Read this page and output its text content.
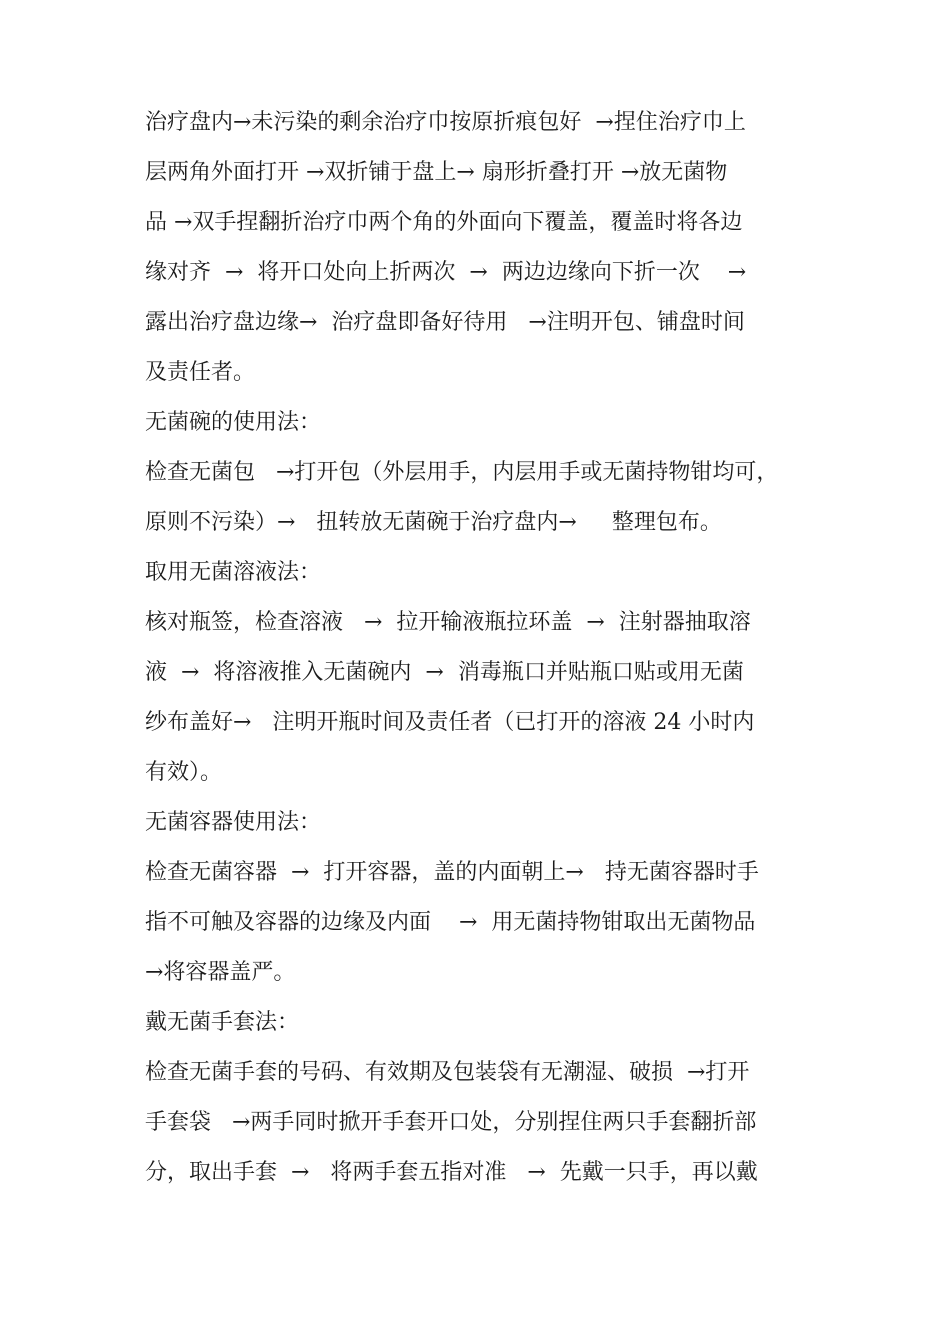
治疗盘内→未污染的剩余治疗巾按原折痕包好  →捏住治疗巾上
层两角外面打开 →双折铺于盘上→ 扇形折叠打开 →放无菌物
品 →双手捏翻折治疗巾两个角的外面向下覆盖，覆盖时将各边
缘对齐  →  将开口处向上折两次  →  两边边缘向下折一次    →
露出治疗盘边缘→  治疗盘即备好待用   →注明开包、铺盘时间
及责任者。
无菌碗的使用法：
检查无菌包   →打开包（外层用手，内层用手或无菌持物钳均可，
原则不污染）→   扭转放无菌碗于治疗盘内→     整理包布。
取用无菌溶液法：
核对瓶签，检查溶液   →  拉开输液瓶拉环盖  →  注射器抽取溶
液  →  将溶液推入无菌碗内  →  消毒瓶口并贴瓶口贴或用无菌
纱布盖好→   注明开瓶时间及责任者（已打开的溶液 24 小时内
有效）。
无菌容器使用法：
检查无菌容器  →  打开容器，盖的内面朝上→   持无菌容器时手
指不可触及容器的边缘及内面    →  用无菌持物钳取出无菌物品
→将容器盖严。
戴无菌手套法：
检查无菌手套的号码、有效期及包装袋有无潮湿、破损  →打开
手套袋   →两手同时掀开手套开口处，分别捏住两只手套翻折部
分，取出手套  →   将两手套五指对准   →  先戴一只手，再以戴
